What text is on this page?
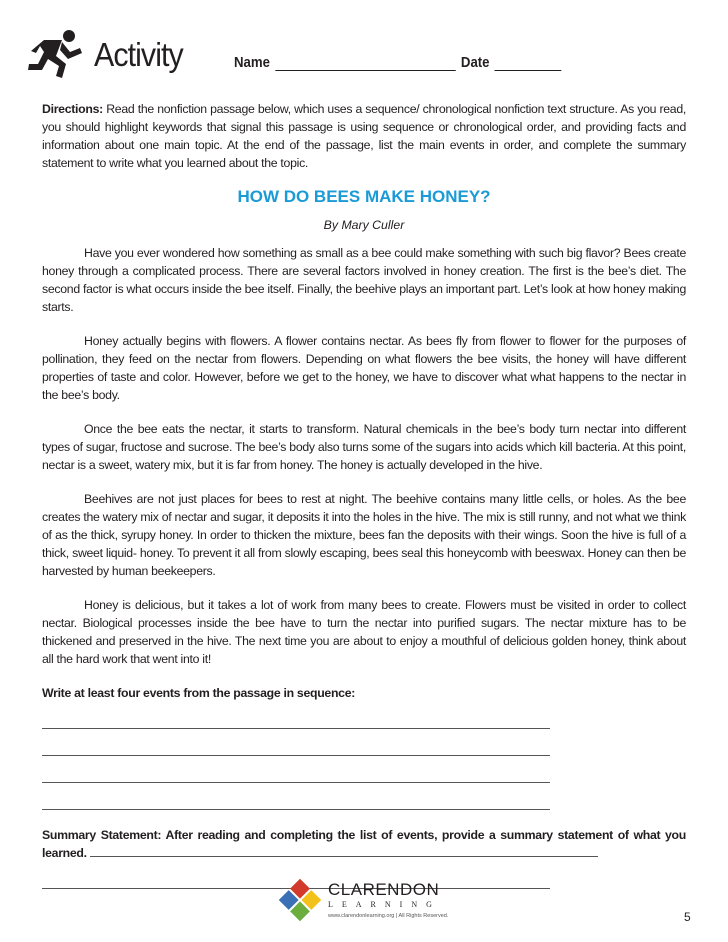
Activity	Name	Date
Directions: Read the nonfiction passage below, which uses a sequence/ chronological nonfiction text structure. As you read, you should highlight keywords that signal this passage is using sequence or chronological order, and providing facts and information about one main topic. At the end of the passage, list the main events in order, and complete the summary statement to write what you learned about the topic.
HOW DO BEES MAKE HONEY?
By Mary Culler

Have you ever wondered how something as small as a bee could make something with such big flavor? Bees create honey through a complicated process. There are several factors involved in honey creation. The first is the bee’s diet. The second factor is what occurs inside the bee itself. Finally, the beehive plays an important part. Let’s look at how honey making starts.

Honey actually begins with flowers. A flower contains nectar. As bees fly from flower to flower for the purposes of pollination, they feed on the nectar from flowers. Depending on what flowers the bee visits, the honey will have different properties of taste and color. However, before we get to the honey, we have to discover what what happens to the nectar in the bee’s body.

Once the bee eats the nectar, it starts to transform. Natural chemicals in the bee’s body turn nectar into different types of sugar, fructose and sucrose. The bee’s body also turns some of the sugars into acids which kill bacteria. At this point, nectar is a sweet, watery mix, but it is far from honey. The honey is actually developed in the hive.

Beehives are not just places for bees to rest at night. The beehive contains many little cells, or holes. As the bee creates the watery mix of nectar and sugar, it deposits it into the holes in the hive. The mix is still runny, and not what we think of as the thick, syrupy honey. In order to thicken the mixture, bees fan the deposits with their wings. Soon the hive is full of a thick, sweet liquid- honey. To prevent it all from slowly escaping, bees seal this honeycomb with beeswax. Honey can then be harvested by human beekeepers.

Honey is delicious, but it takes a lot of work from many bees to create. Flowers must be visited in order to collect nectar. Biological processes inside the bee have to turn the nectar into purified sugars. The nectar mixture has to be thickened and preserved in the hive. The next time you are about to enjoy a mouthful of delicious golden honey, think about all the hard work that went into it!

Write at least four events from the passage in sequence:
Summary Statement: After reading and completing the list of events, provide a summary statement of what you learned.
CLARENDON
LEARNING
www.clarendonlearning.org | All Rights Reserved.	5
